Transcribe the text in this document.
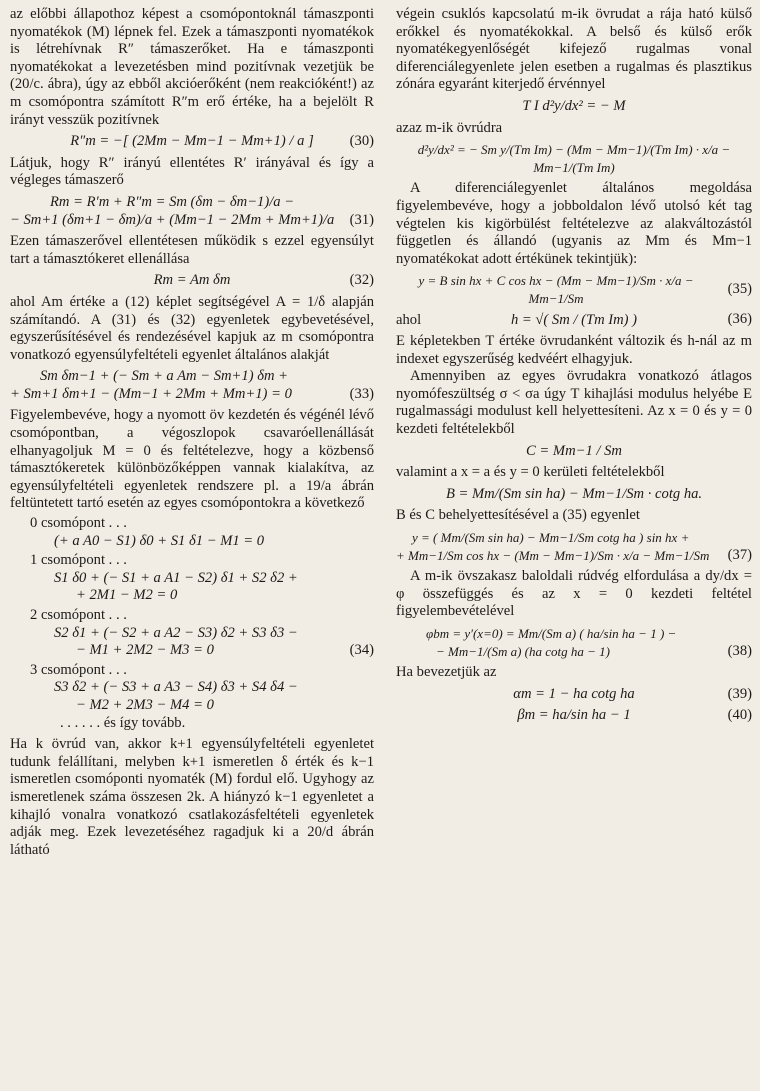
az előbbi állapothoz képest a csomópontoknál támaszponti nyomatékok (M) lépnek fel. Ezek a támaszponti nyomatékok is létrehívnak R″ támaszerőket. Ha e támaszponti nyomatékokat a levezetésben mind pozitívnak vezetjük be (20/c. ábra), úgy az ebből akcióerőként (nem reakcióként!) az m csomópontra számított R″m erő értéke, ha a bejelölt R irányt vesszük pozitívnek

R″m = −[ (2Mm − Mm−1 − Mm+1) / a ]	(30)

Látjuk, hogy R″ irányú ellentétes R′ irányával és így a végleges támaszerő

Rm = R′m + R″m = Sm (δm − δm−1)/a −
− Sm+1 (δm+1 − δm)/a + (Mm−1 − 2Mm + Mm+1)/a	(31)

Ezen támaszerővel ellentétesen működik s ezzel egyensúlyt tart a támasztókeret ellenállása

Rm = Am δm	(32)

ahol Am értéke a (12) képlet segítségével A = 1/δ alapján számítandó. A (31) és (32) egyenletek egybevetésével, egyszerűsítésével és rendezésével kapjuk az m csomópontra vonatkozó egyensúlyfeltételi egyenlet általános alakját

Sm δm−1 + (− Sm + a Am − Sm+1) δm +
+ Sm+1 δm+1 − (Mm−1 + 2Mm + Mm+1) = 0	(33)

Figyelembevéve, hogy a nyomott öv kezdetén és végénél lévő csomópontban, a végoszlopok csavaróellenállását elhanyagoljuk M = 0 és feltételezve, hogy a közbenső támasztókeretek különbözőképpen vannak kialakítva, az egyensúlyfeltételi egyenletek rendszere pl. a 19/a ábrán feltüntetett tartó esetén az egyes csomópontokra a következő

0 csomópont . . .
(+ a A0 − S1) δ0 + S1 δ1 − M1 = 0
1 csomópont . . .
S1 δ0 + (− S1 + a A1 − S2) δ1 + S2 δ2 +
+ 2M1 − M2 = 0
2 csomópont . . .
S2 δ1 + (− S2 + a A2 − S3) δ2 + S3 δ3 −
− M1 + 2M2 − M3 = 0	(34)
3 csomópont . . .
S3 δ2 + (− S3 + a A3 − S4) δ3 + S4 δ4 −
− M2 + 2M3 − M4 = 0
. . . . . . és így tovább.

Ha k övrúd van, akkor k+1 egyensúlyfeltételi egyenletet tudunk felállítani, melyben k+1 ismeretlen δ érték és k−1 ismeretlen csomóponti nyomaték (M) fordul elő. Ugyhogy az ismeretlenek száma összesen 2k. A hiányzó k−1 egyenletet a kihajló vonalra vonatkozó csatlakozásfeltételi egyenletek adják meg. Ezek levezetéséhez ragadjuk ki a 20/d ábrán látható

végein csuklós kapcsolatú m-ik övrudat a rája ható külső erőkkel és nyomatékokkal. A belső és külső erők nyomatékegyenlőségét kifejező rugalmas vonal diferenciálegyenlete jelen esetben a rugalmas és plasztikus zónára egyaránt kiterjedő érvénnyel

T I d²y/dx² = − M

azaz m-ik övrúdra

d²y/dx² = − Sm y/(Tm Im) − (Mm − Mm−1)/(Tm Im) · x/a − Mm−1/(Tm Im)

A diferenciálegyenlet általános megoldása figyelembevéve, hogy a jobboldalon lévő utolsó két tag végtelen kis kigörbülést feltételezve az alakváltozástól független és állandó (ugyanis az Mm és Mm−1 nyomatékokat adott értékünek tekintjük):

y = B sin hx + C cos hx − (Mm − Mm−1)/Sm · x/a − Mm−1/Sm
(35)
ahol	h = √( Sm / (Tm Im) )	(36)

E képletekben T értéke övrudanként változik és h-nál az m indexet egyszerűség kedvéért elhagyjuk.

Amennyiben az egyes övrudakra vonatkozó átlagos nyomófeszültség σ < σa úgy T kihajlási modulus helyébe E rugalmassági modulust kell helyettesíteni. Az x = 0 és y = 0 kezdeti feltételekből

C = Mm−1 / Sm

valamint a x = a és y = 0 kerületi feltételekből

B = Mm/(Sm sin ha) − Mm−1/Sm · cotg ha.

B és C behelyettesítésével a (35) egyenlet

y = ( Mm/(Sm sin ha) − Mm−1/Sm cotg ha ) sin hx +
+ Mm−1/Sm cos hx − (Mm − Mm−1)/Sm · x/a − Mm−1/Sm	(37)

A m-ik övszakasz baloldali rúdvég elfordulása a dy/dx = φ összefüggés és az x = 0 kezdeti feltétel figyelembevételével

φbm = y′(x=0) = Mm/(Sm a) ( ha/sin ha − 1 ) −
− Mm−1/(Sm a) (ha cotg ha − 1)	(38)

Ha bevezetjük az

αm = 1 − ha cotg ha	(39)
βm = ha/sin ha − 1	(40)
